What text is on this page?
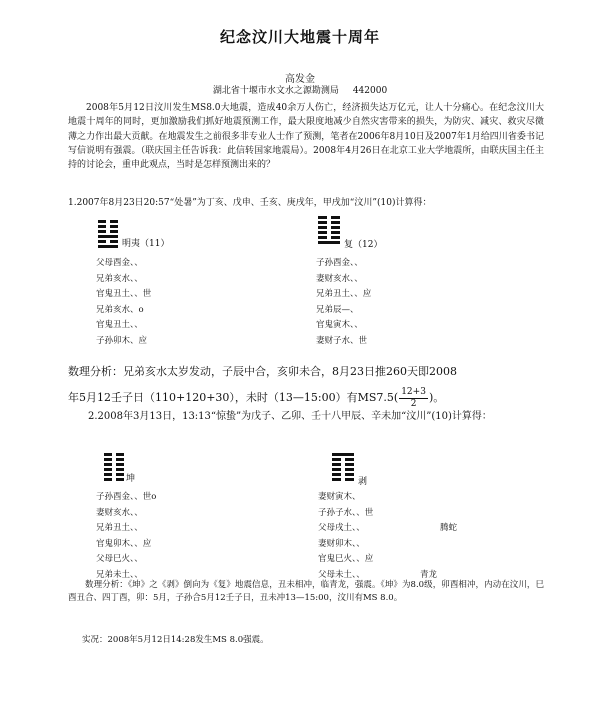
纪念汶川大地震十周年
高发金
湖北省十堰市水文水之源勘测局 442000

2008年5月12日汶川发生MS8.0大地震，造成40余万人伤亡，经济损失达万亿元，让人十分痛心。在纪念汶川大地震十周年的同时，更加激励我们抓好地震预测工作，最大限度地减少自然灾害带来的损失，为防灾、减灾、救灾尽微薄之力作出最大贡献。在地震发生之前很多非专业人士作了预测，笔者在2006年8月10日及2007年1月给四川省委书记写信说明有强震。（联庆国主任告诉我：此信转国家地震局）。2008年4月26日在北京工业大学地震所，由联庆国主任主持的讨论会，重申此观点，当时是怎样预测出来的？

1.2007年8月23日20:57“处暑”为丁亥、戊申、壬亥、庚戌年，甲戌加“汶川”(10)计算得：

明夷（11）
父母酉金、、
兄弟亥水、、
官鬼丑土、、世
兄弟亥水、o
官鬼丑土、、
子孙卯木、应
复（12）
子孙酉金、、
妻财亥水、、
兄弟丑土、、应
兄弟辰—、
官鬼寅木、、
妻财子水、世
数理分析：兄弟亥水太岁发动，子辰中合，亥卯未合，8月23日推260天即2008
年5月12壬子日（110+120+30），未时（13—15:00）有$MS7.5( \frac{12+3}{2}$ )。

2.2008年3月13日，13:13“惊蛰”为戊子、乙卯、壬十八甲辰、辛未加“汶川”(10)计算得：

坤
子孙酉金、、世o
妻财亥水、、
兄弟丑土、、
官鬼卯木、、应
父母巳火、、
兄弟未土、、
剥
妻财寅木、
子孙子水、、世
父母戌土、、
妻财卯木、、
官鬼巳火、、应
父母未土、、
腾蛇
青龙

数理分析：《坤》之《剥》倒向为《复》地震信息，丑未相冲，临青龙，强震。《坤》为8.0级，卯酉相冲，内动在汶川，巳酉丑合、四丁酉，卯：5月，子孙合5月12壬子日，丑未冲13—15:00，汶川有MS 8.0。

实况：2008年5月12日14:28发生MS 8.0强震。
